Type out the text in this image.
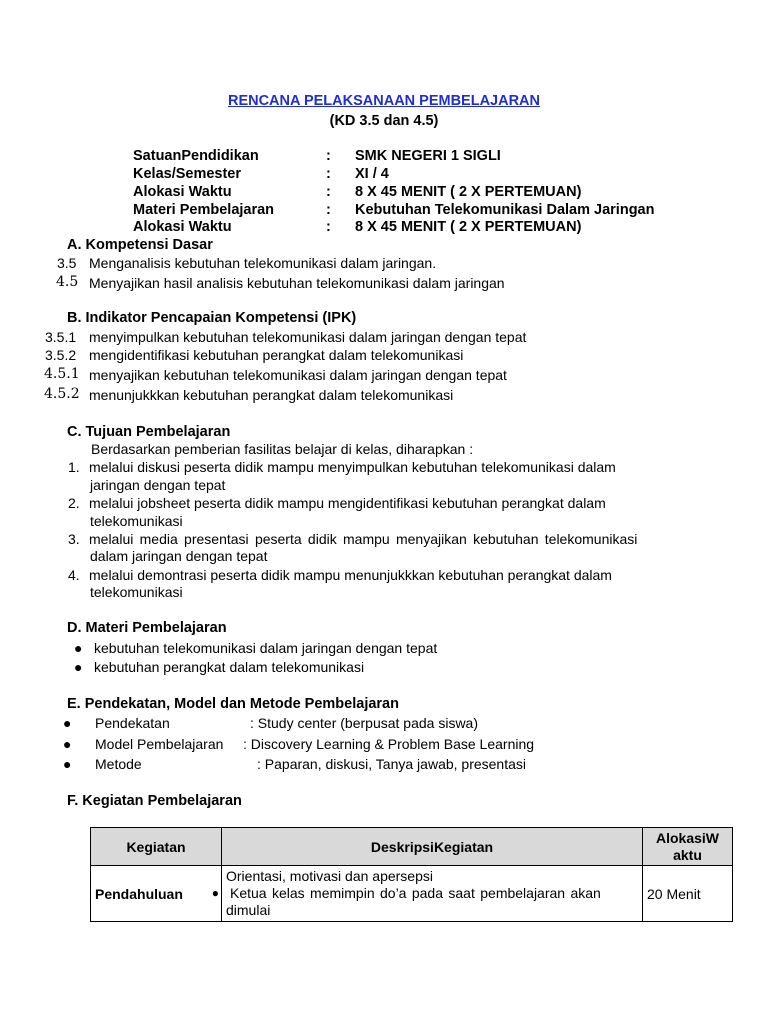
RENCANA PELAKSANAAN PEMBELAJARAN
(KD 3.5 dan 4.5)
SatuanPendidikan	: SMK NEGERI 1 SIGLI
Kelas/Semester	: XI / 4
Alokasi Waktu	: 8 X 45 MENIT ( 2 X PERTEMUAN)
Materi Pembelajaran	: Kebutuhan Telekomunikasi Dalam Jaringan
Alokasi Waktu	: 8 X 45 MENIT ( 2 X PERTEMUAN)
A. Kompetensi Dasar
3.5 Menganalisis kebutuhan telekomunikasi dalam jaringan.
4.5 Menyajikan hasil analisis kebutuhan telekomunikasi dalam jaringan
B. Indikator Pencapaian Kompetensi (IPK)
3.5.1 menyimpulkan kebutuhan telekomunikasi dalam jaringan dengan tepat
3.5.2 mengidentifikasi kebutuhan perangkat dalam telekomunikasi
4.5.1 menyajikan kebutuhan telekomunikasi dalam jaringan dengan tepat
4.5.2 menunjukkkan kebutuhan perangkat dalam telekomunikasi
C. Tujuan Pembelajaran
Berdasarkan pemberian fasilitas belajar di kelas, diharapkan :
1. melalui diskusi peserta didik mampu menyimpulkan kebutuhan telekomunikasi dalam
jaringan dengan tepat
2. melalui jobsheet peserta didik mampu mengidentifikasi kebutuhan perangkat dalam
telekomunikasi
3. melalui media presentasi peserta didik mampu menyajikan kebutuhan telekomunikasi
dalam jaringan dengan tepat
4. melalui demontrasi peserta didik mampu menunjukkkan kebutuhan perangkat dalam
telekomunikasi
D. Materi Pembelajaran
● kebutuhan telekomunikasi dalam jaringan dengan tepat
● kebutuhan perangkat dalam telekomunikasi
E. Pendekatan, Model dan Metode Pembelajaran
● Pendekatan	: Study center (berpusat pada siswa)
● Model Pembelajaran : Discovery Learning & Problem Base Learning
● Metode	: Paparan, diskusi, Tanya jawab, presentasi
F. Kegiatan Pembelajaran
Kegiatan	DeskripsiKegiatan	AlokasiW
aktu

Pendahuluan ●	Orientasi, motivasi dan apersepsi
Ketua kelas memimpin do’a pada saat pembelajaran akan
dimulai	20 Menit
